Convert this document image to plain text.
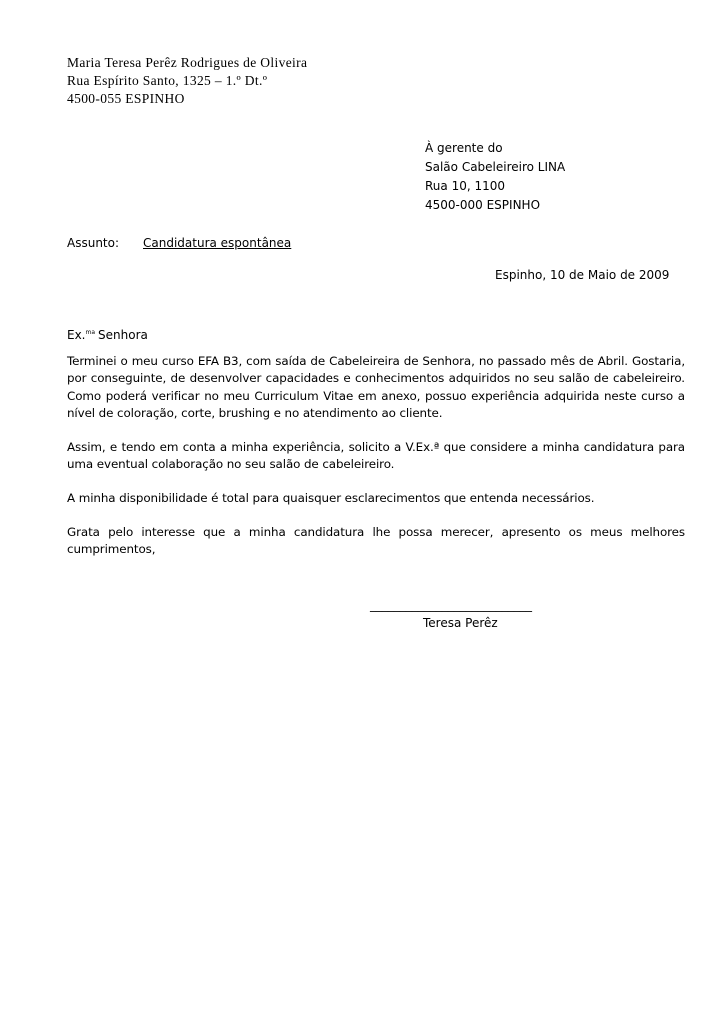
Maria Teresa Perêz Rodrigues de Oliveira
Rua Espírito Santo, 1325 – 1.º Dt.º
4500-055 ESPINHO
À gerente do
Salão Cabeleireiro LINA
Rua 10, 1100
4500-000 ESPINHO
Assunto: Candidatura espontânea
Espinho, 10 de Maio de 2009
Ex.$^{ma}$ Senhora

Terminei o meu curso EFA B3, com saída de Cabeleireira de Senhora, no passado mês de Abril. Gostaria, por conseguinte, de desenvolver capacidades e conhecimentos adquiridos no seu salão de cabeleireiro. Como poderá verificar no meu Curriculum Vitae em anexo, possuo experiência adquirida neste curso a nível de coloração, corte, brushing e no atendimento ao cliente.

Assim, e tendo em conta a minha experiência, solicito a V.Ex.ª que considere a minha candidatura para uma eventual colaboração no seu salão de cabeleireiro.

A minha disponibilidade é total para quaisquer esclarecimentos que entenda necessários.

Grata pelo interesse que a minha candidatura lhe possa merecer, apresento os meus melhores cumprimentos,

___________________________
Teresa Perêz
